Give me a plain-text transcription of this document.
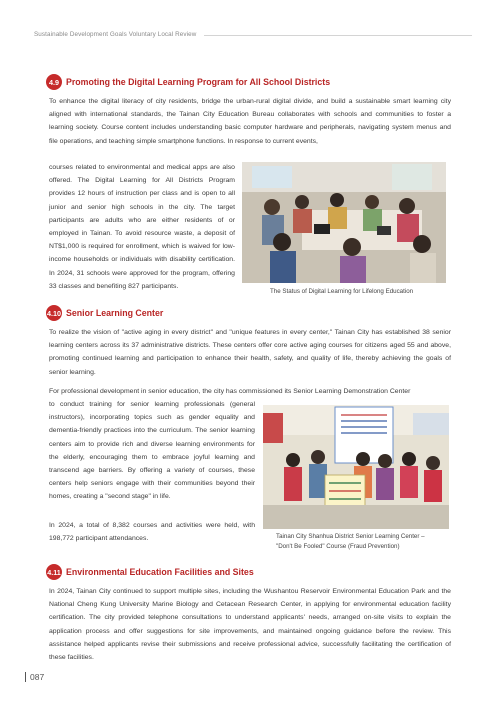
Sustainable Development Goals Voluntary Local Review
4.9 Promoting the Digital Learning Program for All School Districts
To enhance the digital literacy of city residents, bridge the urban-rural digital divide, and build a sustainable smart learning city aligned with international standards, the Tainan City Education Bureau collaborates with schools and communities to foster a learning society. Course content includes understanding basic computer hardware and peripherals, navigating system menus and file operations, and teaching simple smartphone functions. In response to current events,
courses related to environmental and medical apps are also offered. The Digital Learning for All Districts Program provides 12 hours of instruction per class and is open to all junior and senior high schools in the city. The target participants are adults who are either residents of or employed in Tainan. To avoid resource waste, a deposit of NT$1,000 is required for enrollment, which is waived for low-income households or individuals with disability certification. In 2024, 31 schools were approved for the program, offering 33 classes and benefiting 827 participants.
The Status of Digital Learning for Lifelong Education
4.10 Senior Learning Center
To realize the vision of "active aging in every district" and "unique features in every center," Tainan City has established 38 senior learning centers across its 37 administrative districts. These centers offer core active aging courses for citizens aged 55 and above, promoting continued learning and participation to enhance their health, safety, and quality of life, thereby achieving the goals of senior learning.
For professional development in senior education, the city has commissioned its Senior Learning Demonstration Center
to conduct training for senior learning professionals (general instructors), incorporating topics such as gender equality and dementia-friendly practices into the curriculum. The senior learning centers aim to provide rich and diverse learning environments for the elderly, encouraging them to embrace joyful learning and transcend age barriers. By offering a variety of courses, these centers help seniors engage with their communities beyond their homes, creating a "second stage" in life.
In 2024, a total of 8,382 courses and activities were held, with 198,772 participant attendances.	Tainan City Shanhua District Senior Learning Center –
"Don't Be Fooled" Course (Fraud Prevention)
4.11 Environmental Education Facilities and Sites
In 2024, Tainan City continued to support multiple sites, including the Wushantou Reservoir Environmental Education Park and the National Cheng Kung University Marine Biology and Cetacean Research Center, in applying for environmental education facility certification. The city provided telephone consultations to understand applicants' needs, arranged on-site visits to explain the application process and offer suggestions for site improvements, and maintained ongoing guidance before the review. This assistance helped applicants revise their submissions and receive professional advice, successfully facilitating the certification of these facilities.
087
